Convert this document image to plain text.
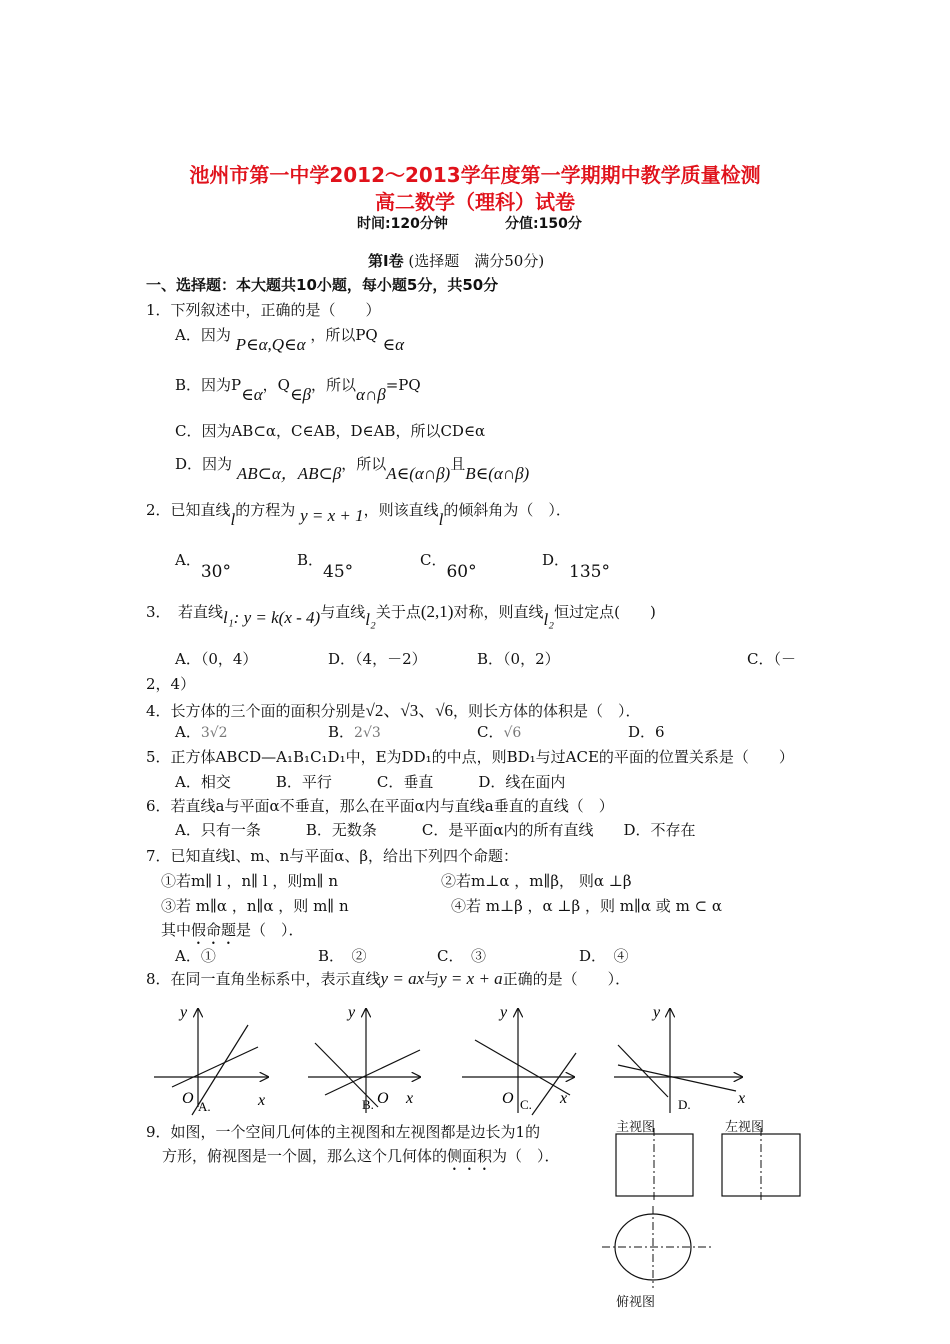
池州市第一中学2012～2013学年度第一学期期中教学质量检测
高二数学（理科）试卷
时间:120分钟	分值:150分
第Ⅰ卷 (选择题　满分50分)
一、选择题：本大题共10小题，每小题5分，共50分
1．下列叙述中，正确的是（　　）
A．因为 P∈α,Q∈α ，所以PQ ∈α
B．因为P∈α，Q∈β，所以α∩β=PQ
C．因为AB⊂α，C∈AB，D∈AB，所以CD∈α
D．因为 AB⊂α，AB⊂β，所以A∈(α∩β)且B∈(α∩β)
2．已知直线l的方程为 y = x + 1，则该直线l的倾斜角为（　）．
A．30°
B．45°
C．60°
D．135°
3．　若直线l₁: y = k(x - 4)与直线l₂关于点(2,1)对称，则直线l₂恒过定点(　　)
A．（0，4）	B．（0，2）	C．（－
2，4）
D．（4，－2）
4．长方体的三个面的面积分别是√2、√3、√6，则长方体的体积是（　）．
A．3√2	B．2√3	C．√6	D．6
5．正方体ABCD—A₁B₁C₁D₁中，E为DD₁的中点，则BD₁与过ACE的平面的位置关系是（　　）
A．相交　　　B．平行　　　C．垂直　　　D．线在面内
6．若直线a与平面α不垂直，那么在平面α内与直线a垂直的直线（　）
A．只有一条　　　B．无数条　　　C．是平面α内的所有直线　　D．不存在
7．已知直线l、m、n与平面α、β，给出下列四个命题：
①若m∥ l ，n∥ l ，则m∥ n	②若m⊥α ，m∥β， 则α ⊥β
③若 m∥α ，n∥α ，则 m∥ n	④若 m⊥β ，α ⊥β ，则 m∥α 或 m ⊂ α
其中假命题是（　）．
A．①	B．　②	C．　③	D．　④
8．在同一直角坐标系中，表示直线y = ax与y = x + a正确的是（　　）．
y
x
O A.
y
x
O
B.
y
x
O C.
y
x
D.
9．如图，一个空间几何体的主视图和左视图都是边长为1的
方形，俯视图是一个圆，那么这个几何体的侧面积为（　）．
主视图	左视图
俯视图
